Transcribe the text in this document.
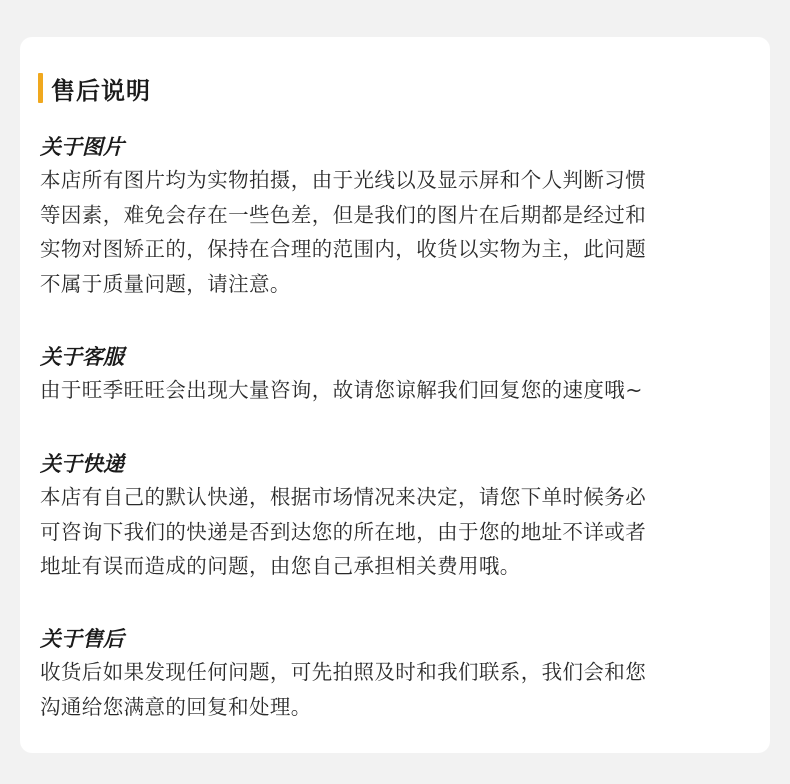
售后说明
关于图片
本店所有图片均为实物拍摄，由于光线以及显示屏和个人判断习惯
等因素，难免会存在一些色差，但是我们的图片在后期都是经过和
实物对图矫正的，保持在合理的范围内，收货以实物为主，此问题
不属于质量问题，请注意。
关于客服
由于旺季旺旺会出现大量咨询，故请您谅解我们回复您的速度哦~
关于快递
本店有自己的默认快递，根据市场情况来决定，请您下单时候务必
可咨询下我们的快递是否到达您的所在地，由于您的地址不详或者
地址有误而造成的问题，由您自己承担相关费用哦。
关于售后
收货后如果发现任何问题，可先拍照及时和我们联系，我们会和您
沟通给您满意的回复和处理。
